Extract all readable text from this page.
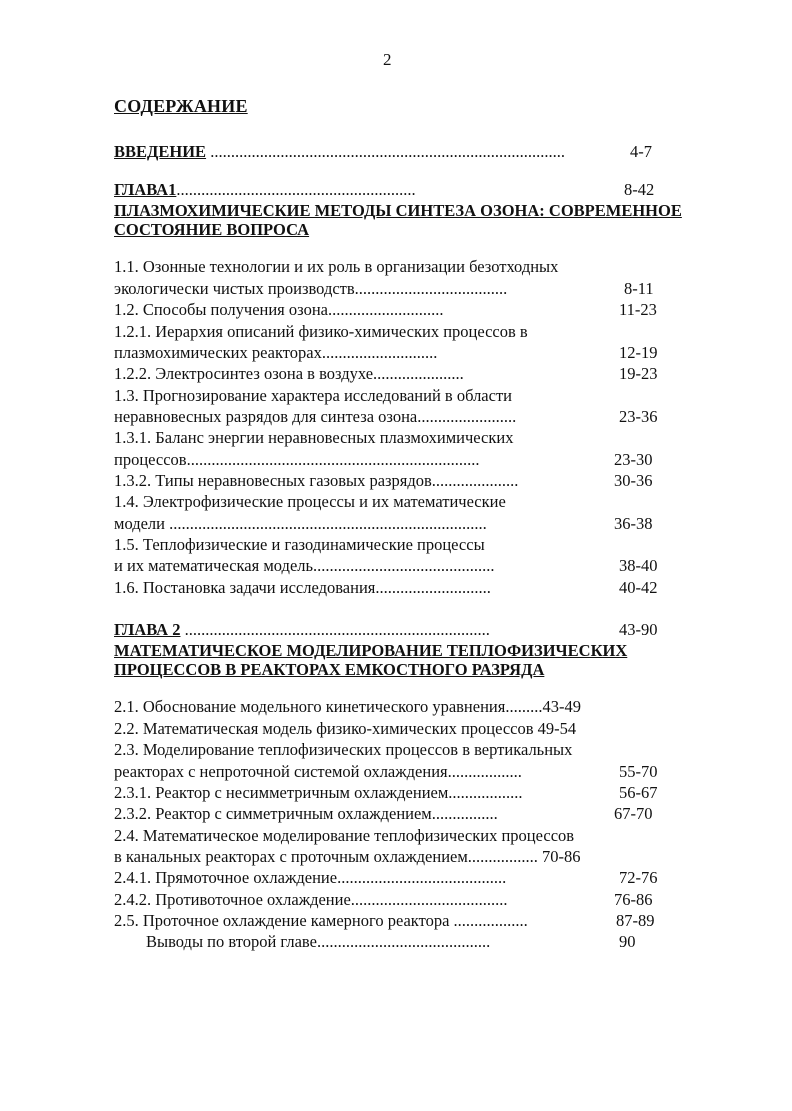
2
СОДЕРЖАНИЕ
ВВЕДЕНИЕ ......................................................................................	4-7
ГЛАВА1..........................................................	8-42
ПЛАЗМОХИМИЧЕСКИЕ МЕТОДЫ СИНТЕЗА ОЗОНА: СОВРЕМЕННОЕ
СОСТОЯНИЕ ВОПРОСА
1.1. Озонные технологии и их роль в организации безотходных
экологически чистых производств.....................................	8-11
1.2. Способы получения озона............................	11-23
1.2.1. Иерархия описаний физико-химических процессов в
плазмохимических реакторах............................	12-19
1.2.2. Электросинтез озона в воздухе......................	19-23
1.3. Прогнозирование характера исследований в области
неравновесных разрядов для синтеза озона........................	23-36
1.3.1. Баланс энергии неравновесных плазмохимических
процессов.......................................................................	23-30
1.3.2. Типы неравновесных газовых разрядов.....................	30-36
1.4. Электрофизические процессы и их математические
модели .............................................................................	36-38
1.5. Теплофизические и газодинамические процессы
и их математическая модель............................................	38-40
1.6. Постановка задачи исследования............................	40-42
ГЛАВА 2 ..........................................................................	43-90
МАТЕМАТИЧЕСКОЕ МОДЕЛИРОВАНИЕ ТЕПЛОФИЗИЧЕСКИХ
ПРОЦЕССОВ В РЕАКТОРАХ ЕМКОСТНОГО РАЗРЯДА
2.1. Обоснование модельного кинетического уравнения.........43-49
2.2. Математическая модель физико-химических процессов 49-54
2.3. Моделирование теплофизических процессов в вертикальных
реакторах с непроточной системой охлаждения..................	55-70
2.3.1. Реактор с несимметричным охлаждением..................	56-67
2.3.2. Реактор с симметричным охлаждением................	67-70
2.4. Математическое моделирование теплофизических процессов
в канальных реакторах с проточным охлаждением................. 70-86
2.4.1. Прямоточное охлаждение.........................................	72-76
2.4.2. Противоточное охлаждение......................................	76-86
2.5. Проточное охлаждение камерного реактора ..................	87-89
Выводы по второй главе..........................................	90
